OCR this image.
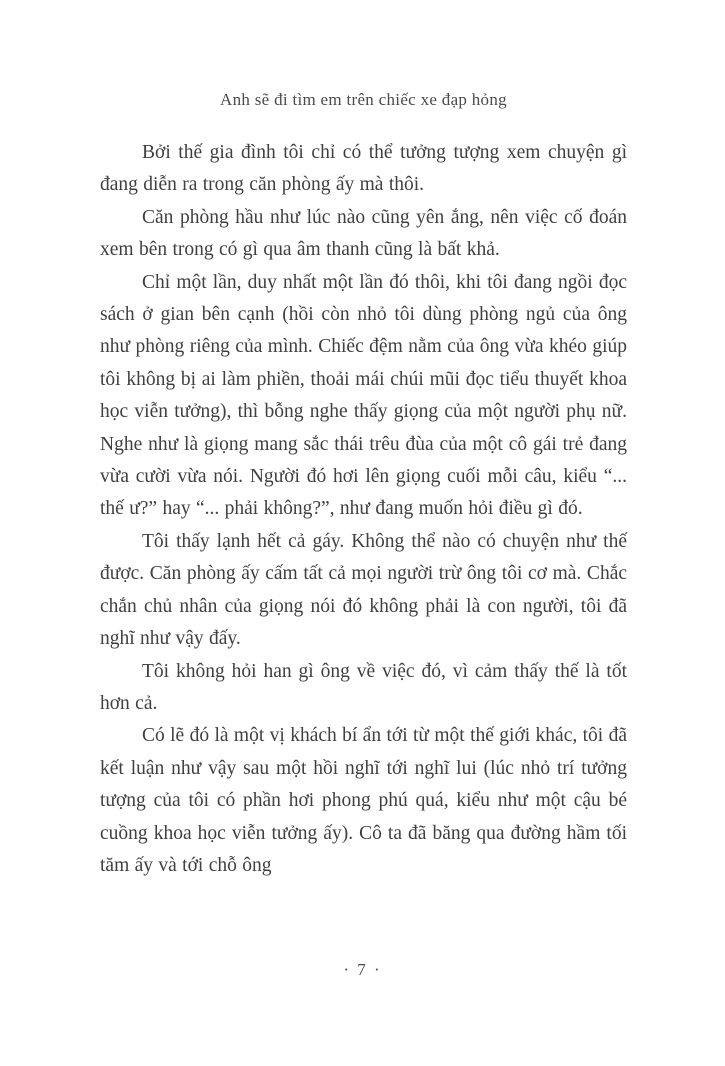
Anh sẽ đi tìm em trên chiếc xe đạp hỏng

Bởi thế gia đình tôi chỉ có thể tưởng tượng xem chuyện gì đang diễn ra trong căn phòng ấy mà thôi.

Căn phòng hầu như lúc nào cũng yên ắng, nên việc cố đoán xem bên trong có gì qua âm thanh cũng là bất khả.

Chỉ một lần, duy nhất một lần đó thôi, khi tôi đang ngồi đọc sách ở gian bên cạnh (hồi còn nhỏ tôi dùng phòng ngủ của ông như phòng riêng của mình. Chiếc đệm nằm của ông vừa khéo giúp tôi không bị ai làm phiền, thoải mái chúi mũi đọc tiểu thuyết khoa học viễn tưởng), thì bỗng nghe thấy giọng của một người phụ nữ. Nghe như là giọng mang sắc thái trêu đùa của một cô gái trẻ đang vừa cười vừa nói. Người đó hơi lên giọng cuối mỗi câu, kiểu “... thế ư?” hay “... phải không?”, như đang muốn hỏi điều gì đó.

Tôi thấy lạnh hết cả gáy. Không thể nào có chuyện như thế được. Căn phòng ấy cấm tất cả mọi người trừ ông tôi cơ mà. Chắc chắn chủ nhân của giọng nói đó không phải là con người, tôi đã nghĩ như vậy đấy.

Tôi không hỏi han gì ông về việc đó, vì cảm thấy thế là tốt hơn cả.

Có lẽ đó là một vị khách bí ẩn tới từ một thế giới khác, tôi đã kết luận như vậy sau một hồi nghĩ tới nghĩ lui (lúc nhỏ trí tưởng tượng của tôi có phần hơi phong phú quá, kiểu như một cậu bé cuồng khoa học viễn tưởng ấy). Cô ta đã băng qua đường hầm tối tăm ấy và tới chỗ ông

· 7 ·
